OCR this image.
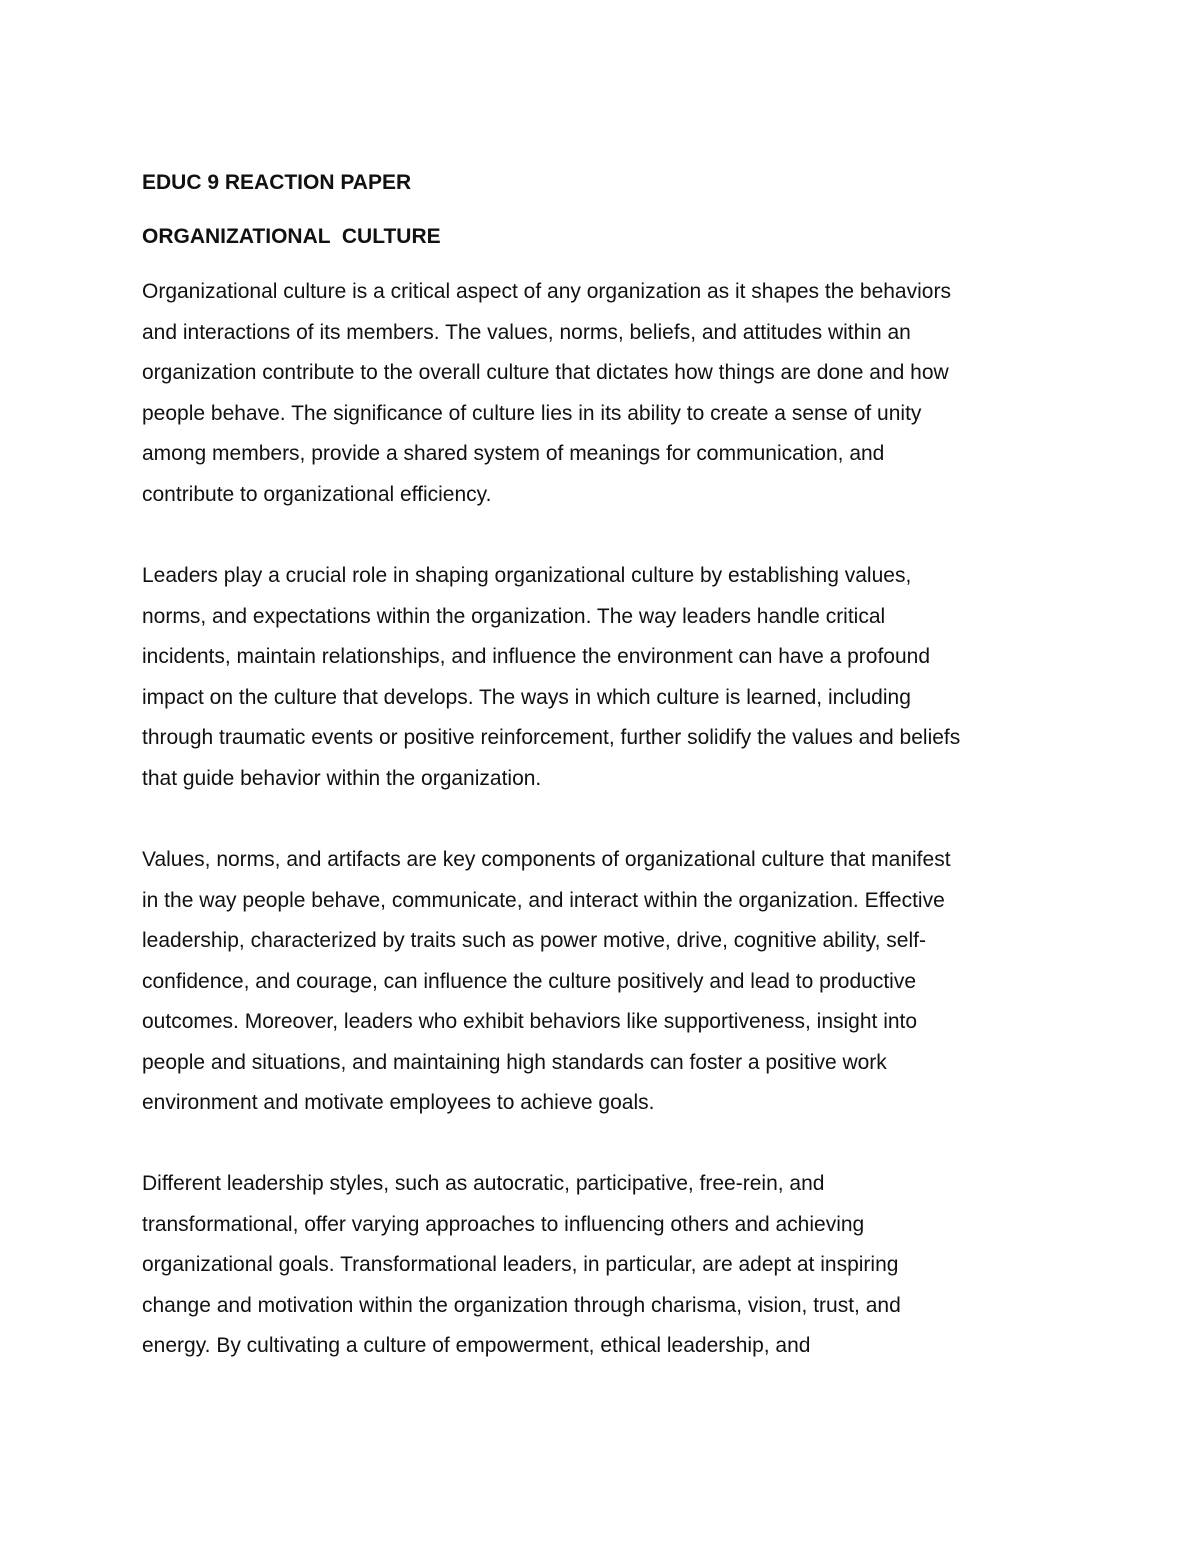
EDUC 9 REACTION PAPER
ORGANIZATIONAL  CULTURE
Organizational culture is a critical aspect of any organization as it shapes the behaviors
and interactions of its members. The values, norms, beliefs, and attitudes within an
organization contribute to the overall culture that dictates how things are done and how
people behave. The significance of culture lies in its ability to create a sense of unity
among members, provide a shared system of meanings for communication, and
contribute to organizational efficiency.
Leaders play a crucial role in shaping organizational culture by establishing values,
norms, and expectations within the organization. The way leaders handle critical
incidents, maintain relationships, and influence the environment can have a profound
impact on the culture that develops. The ways in which culture is learned, including
through traumatic events or positive reinforcement, further solidify the values and beliefs
that guide behavior within the organization.
Values, norms, and artifacts are key components of organizational culture that manifest
in the way people behave, communicate, and interact within the organization. Effective
leadership, characterized by traits such as power motive, drive, cognitive ability, self-
confidence, and courage, can influence the culture positively and lead to productive
outcomes. Moreover, leaders who exhibit behaviors like supportiveness, insight into
people and situations, and maintaining high standards can foster a positive work
environment and motivate employees to achieve goals.
Different leadership styles, such as autocratic, participative, free-rein, and
transformational, offer varying approaches to influencing others and achieving
organizational goals. Transformational leaders, in particular, are adept at inspiring
change and motivation within the organization through charisma, vision, trust, and
energy. By cultivating a culture of empowerment, ethical leadership, and
